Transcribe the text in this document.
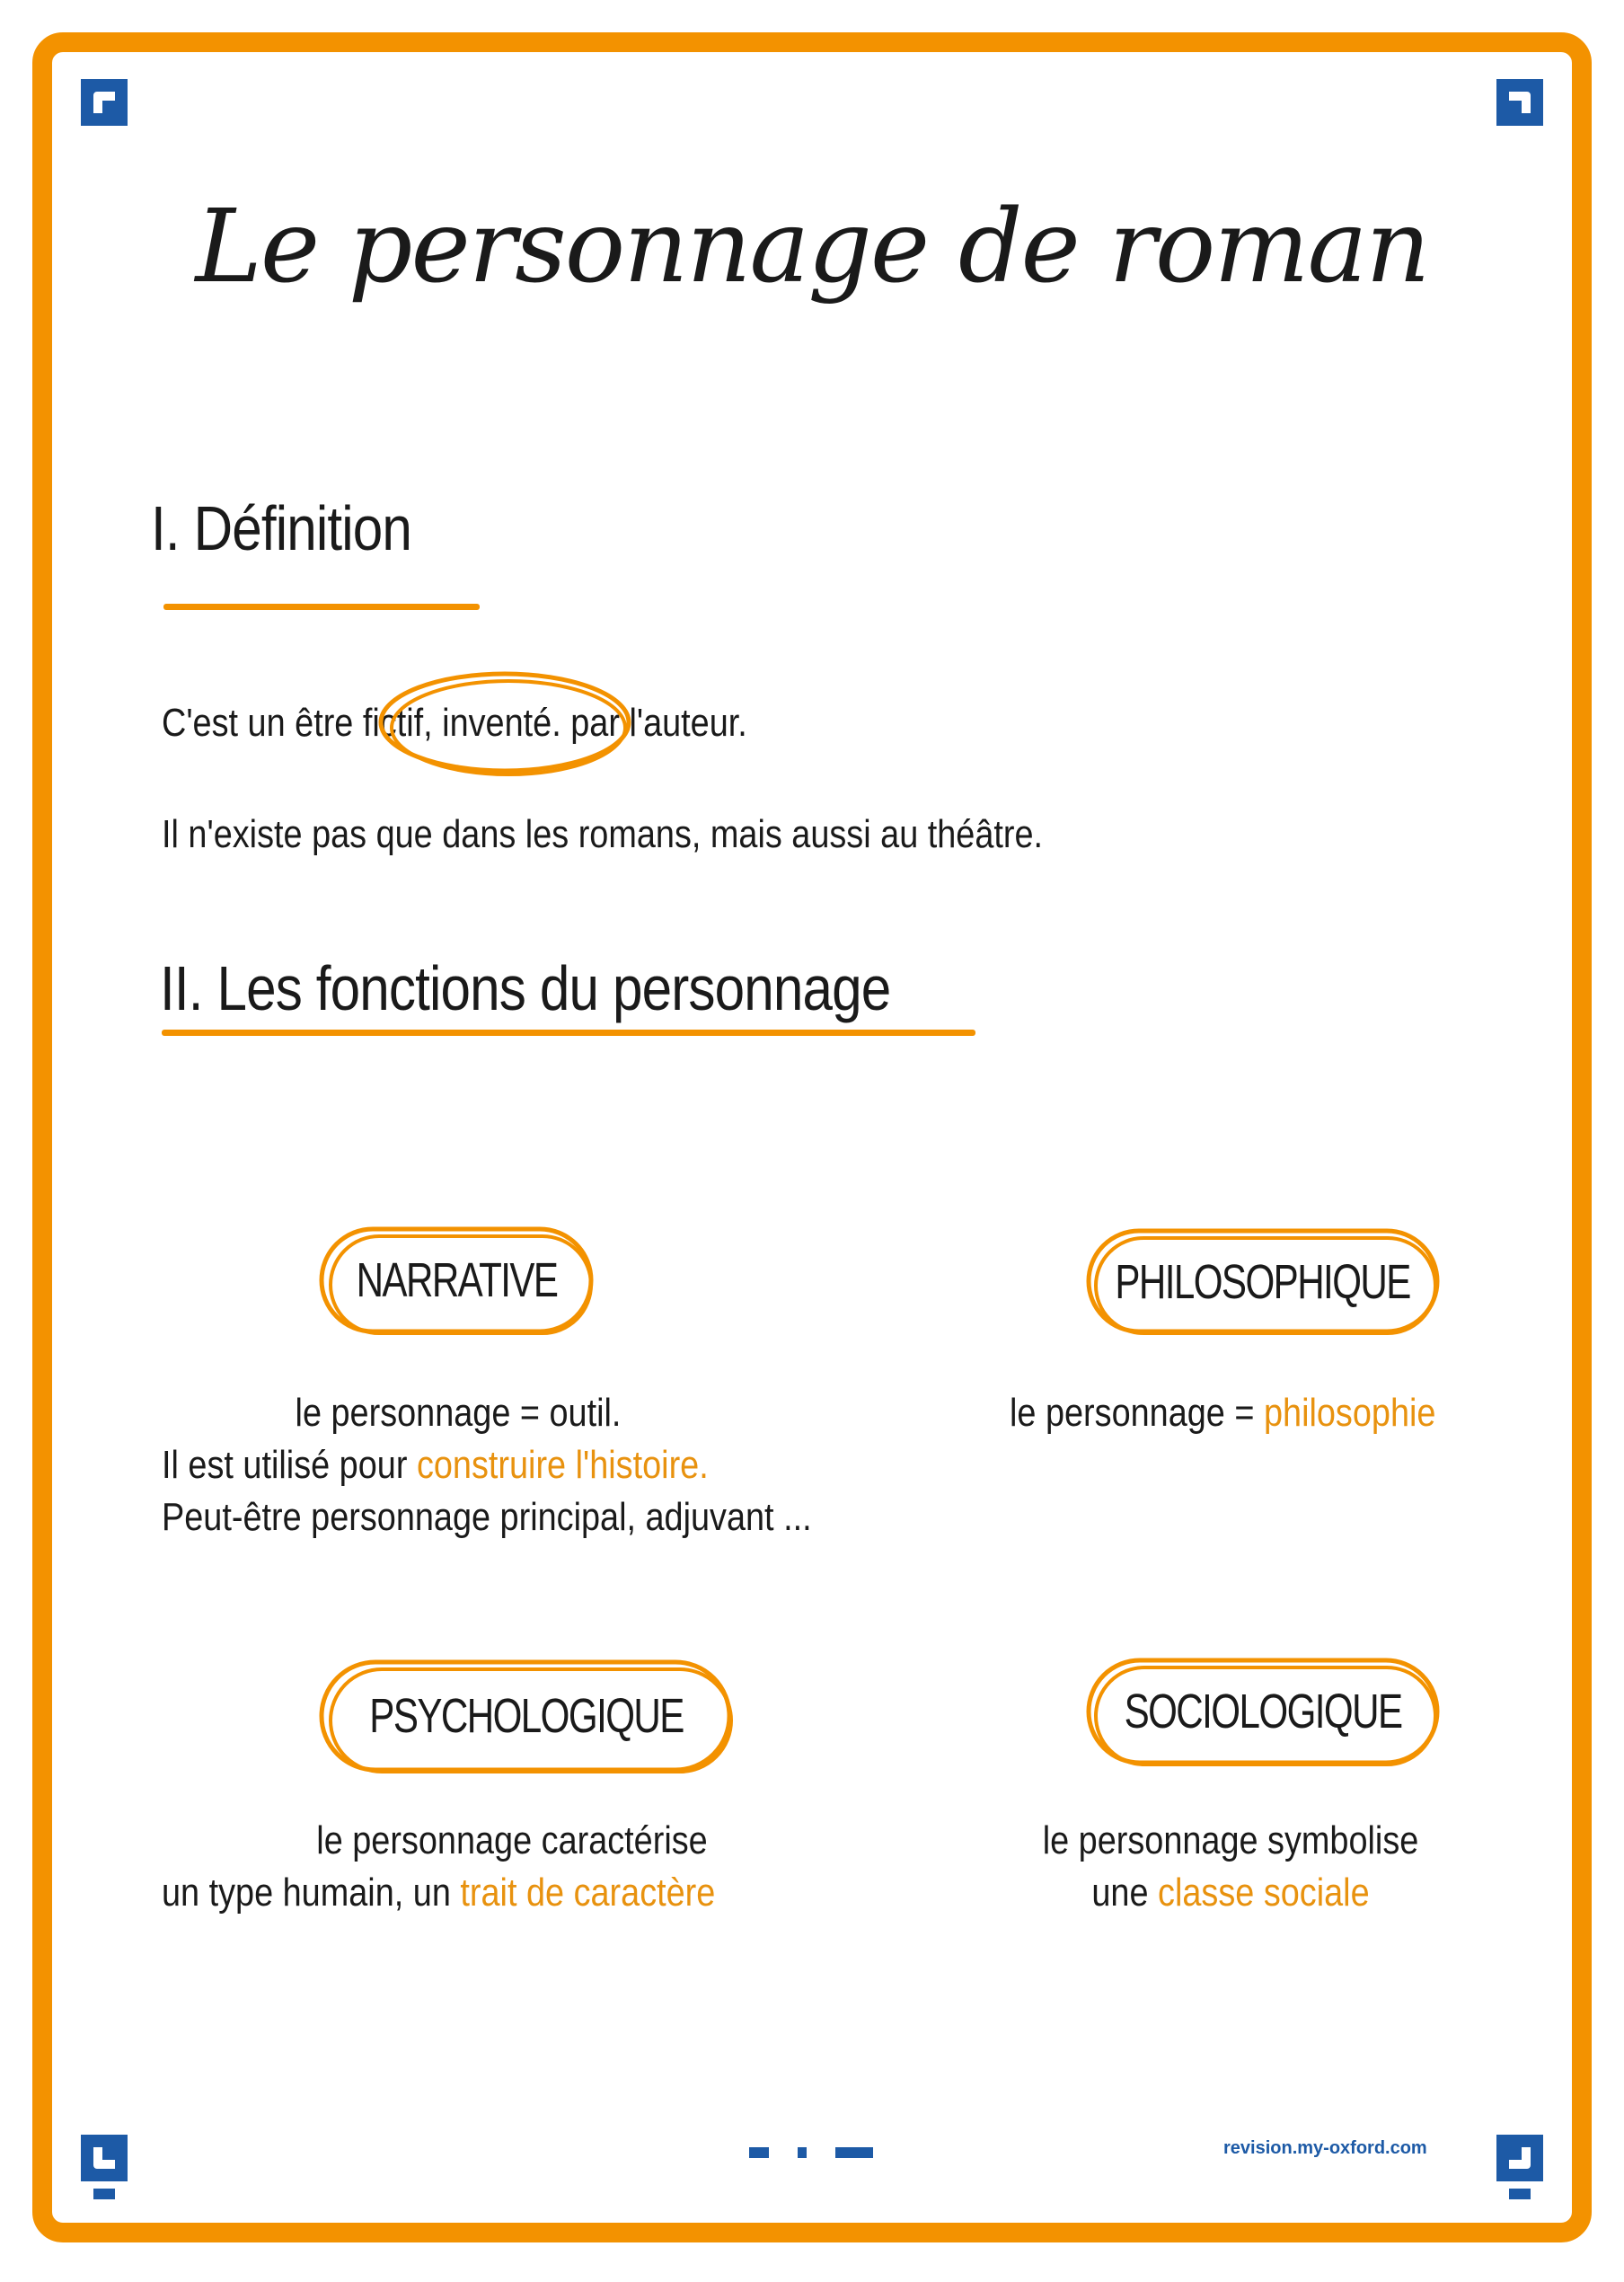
Le personnage de roman
I. Définition
C'est un être fictif, inventé. par l'auteur.
Il n'existe pas que dans les romans, mais aussi au théâtre.
II. Les fonctions du personnage
NARRATIVE
le personnage = outil.
Il est utilisé pour construire l'histoire.
Peut-être personnage principal, adjuvant ...
PHILOSOPHIQUE
le personnage = philosophie
PSYCHOLOGIQUE
le personnage caractérise
un type humain, un trait de caractère
SOCIOLOGIQUE
le personnage symbolise
une classe sociale
revision.my-oxford.com
